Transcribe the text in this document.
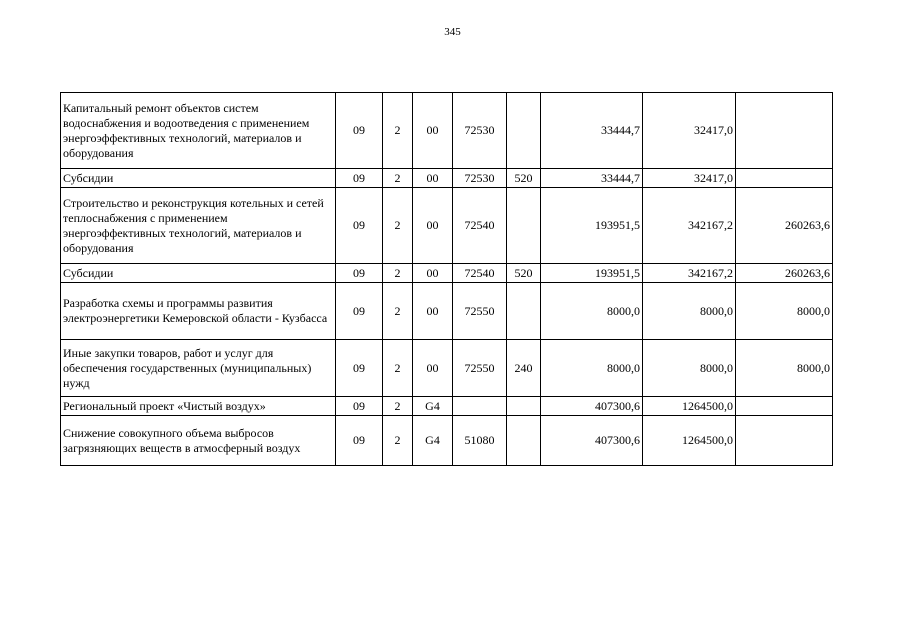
345
Капитальный ремонт объектов систем водоснабжения и водоотведения с применением энергоэффективных технологий, материалов и оборудования	09	2	00	72530		33444,7	32417,0	
Субсидии	09	2	00	72530	520	33444,7	32417,0	
Строительство и реконструкция котельных и сетей теплоснабжения с применением энергоэффективных технологий, материалов и оборудования	09	2	00	72540		193951,5	342167,2	260263,6
Субсидии	09	2	00	72540	520	193951,5	342167,2	260263,6
Разработка схемы и программы развития электроэнергетики Кемеровской области - Кузбасса	09	2	00	72550		8000,0	8000,0	8000,0
Иные закупки товаров, работ и услуг для обеспечения государственных (муниципальных) нужд	09	2	00	72550	240	8000,0	8000,0	8000,0
Региональный проект «Чистый воздух»	09	2	G4			407300,6	1264500,0	
Снижение совокупного объема выбросов загрязняющих веществ в атмосферный воздух	09	2	G4	51080		407300,6	1264500,0	
